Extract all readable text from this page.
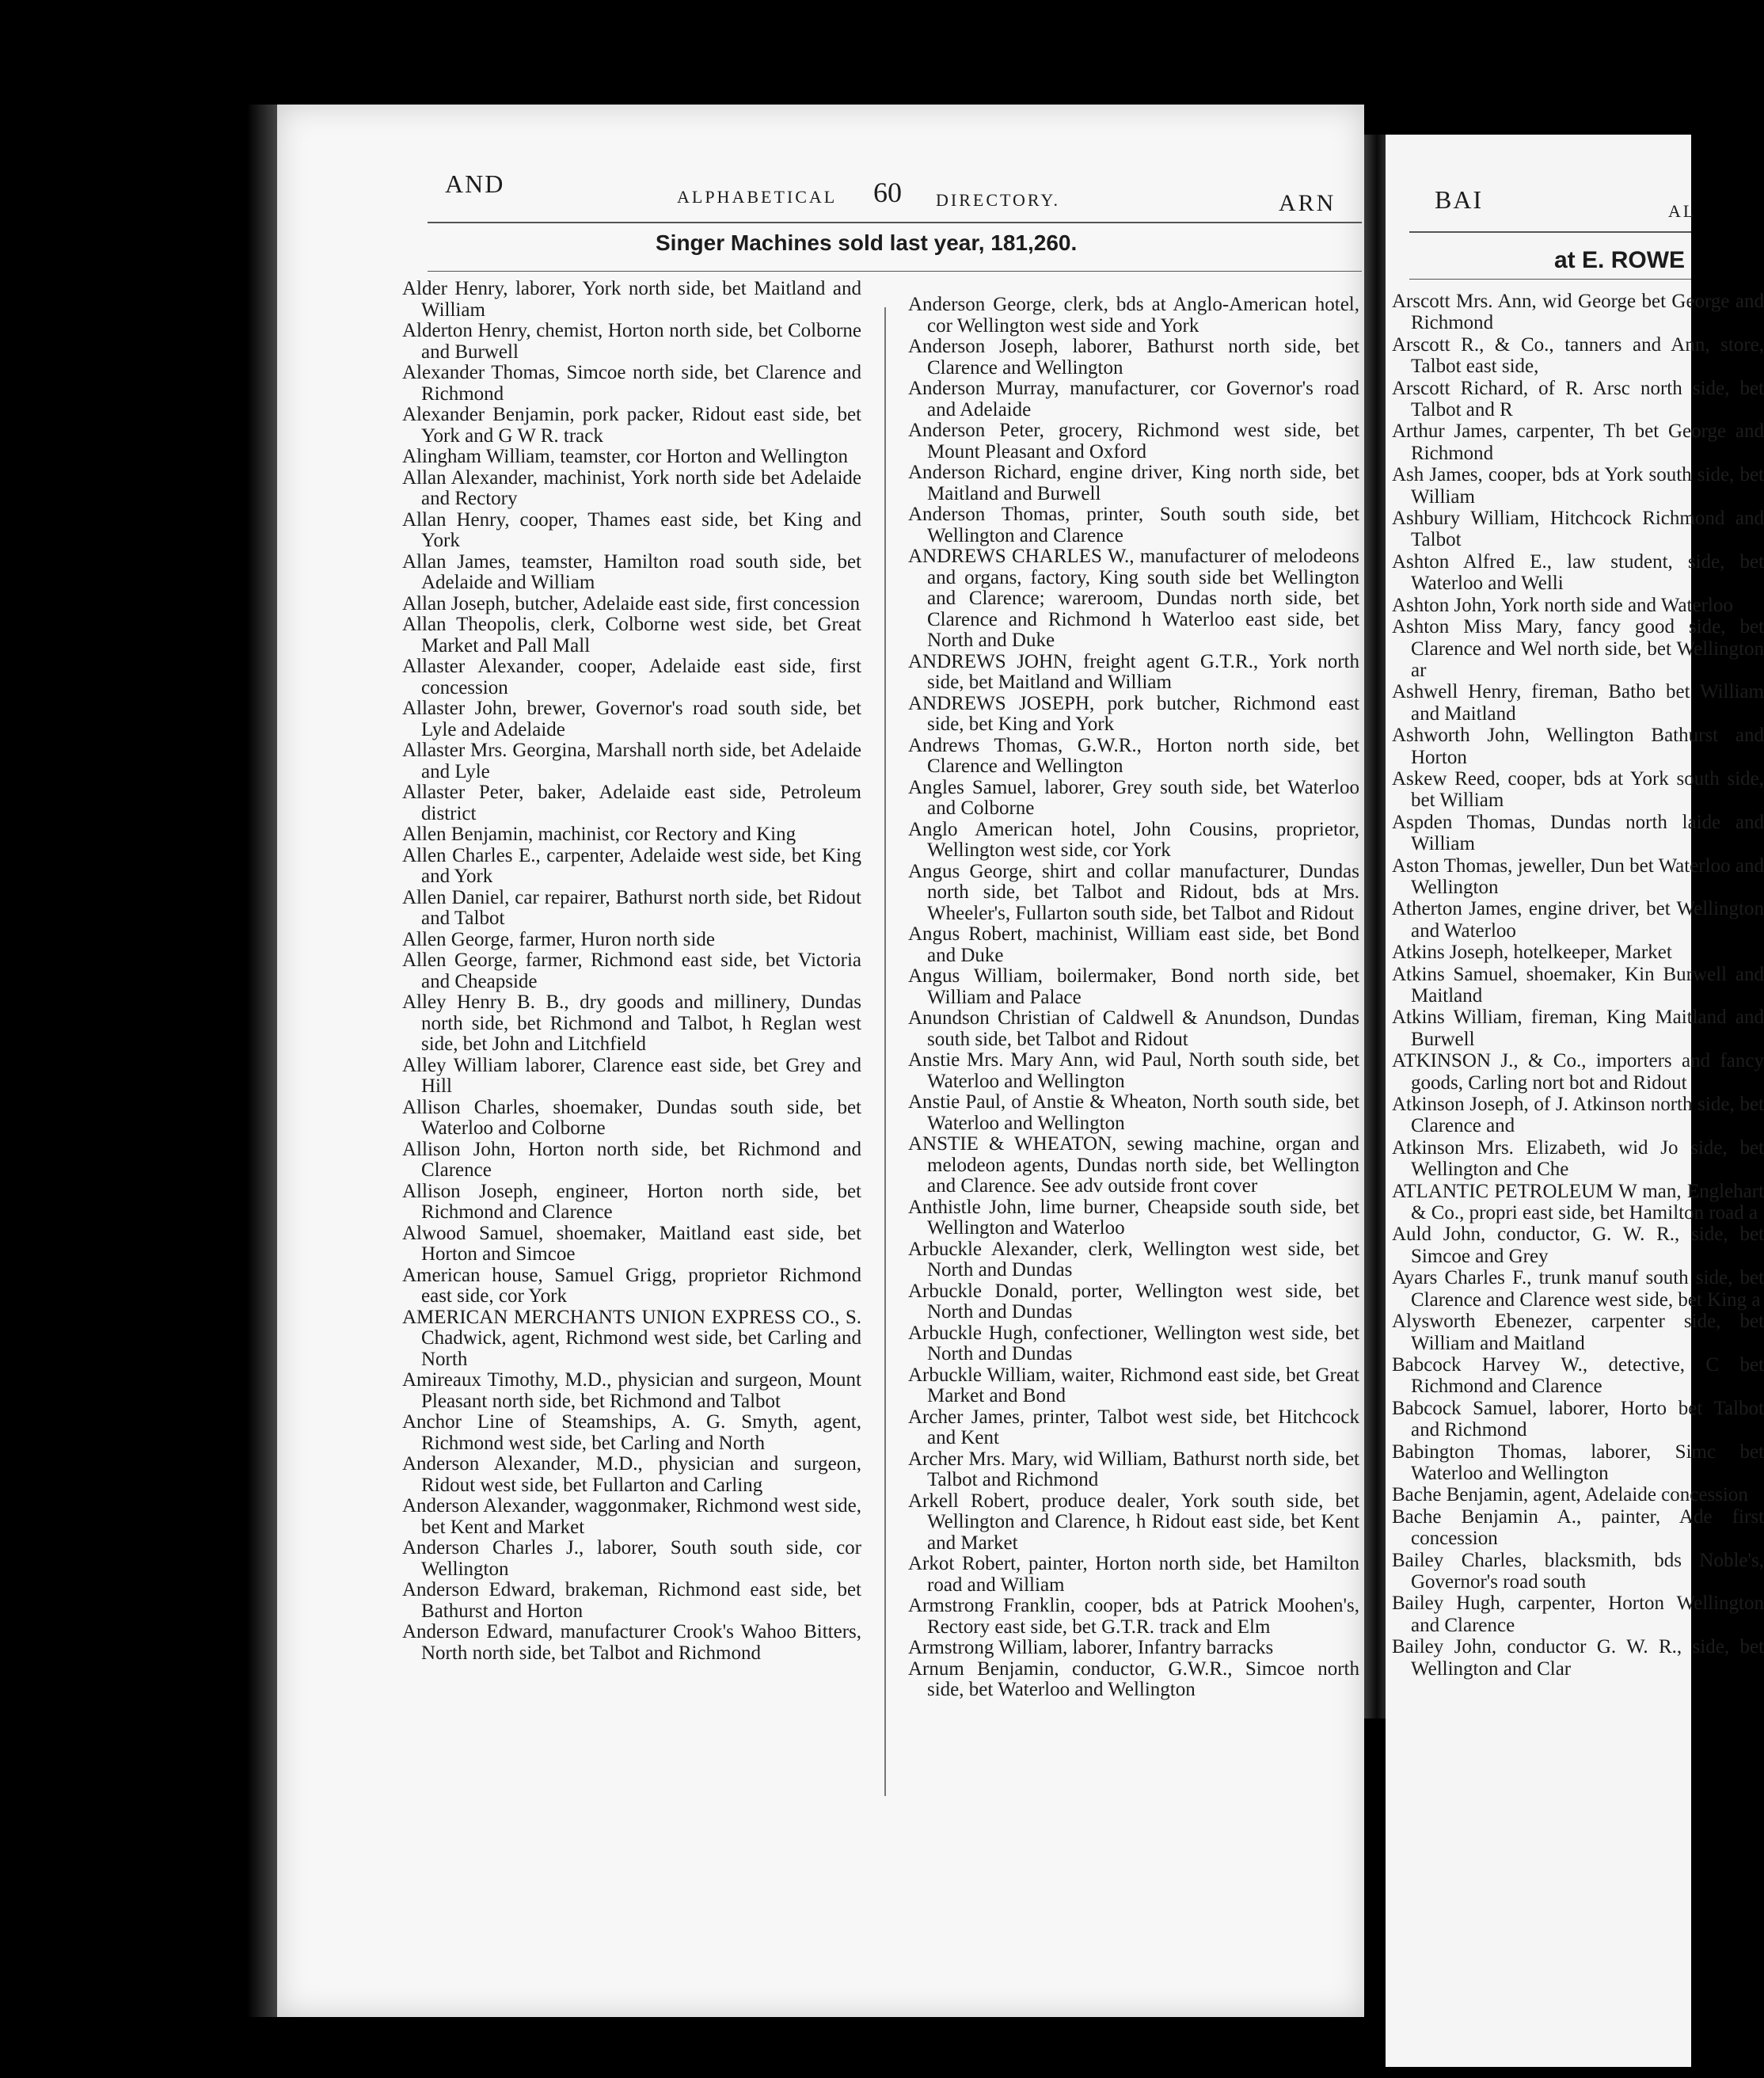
AND	ALPHABETICAL 60 DIRECTORY.	ARN
Singer Machines sold last year, 181,260.

Alder Henry, laborer, York north side, bet Maitland and William

Alderton Henry, chemist, Horton north side, bet Colborne and Burwell

Alexander Thomas, Simcoe north side, bet Clarence and Richmond

Alexander Benjamin, pork packer, Ridout east side, bet York and G W R. track

Alingham William, teamster, cor Horton and Wellington

Allan Alexander, machinist, York north side bet Adelaide and Rectory

Allan Henry, cooper, Thames east side, bet King and York

Allan James, teamster, Hamilton road south side, bet Adelaide and William

Allan Joseph, butcher, Adelaide east side, first concession

Allan Theopolis, clerk, Colborne west side, bet Great Market and Pall Mall

Allaster Alexander, cooper, Adelaide east side, first concession

Allaster John, brewer, Governor's road south side, bet Lyle and Adelaide

Allaster Mrs. Georgina, Marshall north side, bet Adelaide and Lyle

Allaster Peter, baker, Adelaide east side, Petroleum district

Allen Benjamin, machinist, cor Rectory and King

Allen Charles E., carpenter, Adelaide west side, bet King and York

Allen Daniel, car repairer, Bathurst north side, bet Ridout and Talbot

Allen George, farmer, Huron north side

Allen George, farmer, Richmond east side, bet Victoria and Cheapside

Alley Henry B. B., dry goods and millinery, Dundas north side, bet Richmond and Talbot, h Reglan west side, bet John and Litchfield

Alley William laborer, Clarence east side, bet Grey and Hill

Allison Charles, shoemaker, Dundas south side, bet Waterloo and Colborne

Allison John, Horton north side, bet Richmond and Clarence

Allison Joseph, engineer, Horton north side, bet Richmond and Clarence

Alwood Samuel, shoemaker, Maitland east side, bet Horton and Simcoe

American house, Samuel Grigg, proprietor Richmond east side, cor York

AMERICAN MERCHANTS UNION EXPRESS CO., S. Chadwick, agent, Richmond west side, bet Carling and North

Amireaux Timothy, M.D., physician and surgeon, Mount Pleasant north side, bet Richmond and Talbot

Anchor Line of Steamships, A. G. Smyth, agent, Richmond west side, bet Carling and North

Anderson Alexander, M.D., physician and surgeon, Ridout west side, bet Fullarton and Carling

Anderson Alexander, waggonmaker, Richmond west side, bet Kent and Market

Anderson Charles J., laborer, South south side, cor Wellington

Anderson Edward, brakeman, Richmond east side, bet Bathurst and Horton

Anderson Edward, manufacturer Crook's Wahoo Bitters, North north side, bet Talbot and Richmond

Anderson George, clerk, bds at Anglo-American hotel, cor Wellington west side and York

Anderson Joseph, laborer, Bathurst north side, bet Clarence and Wellington

Anderson Murray, manufacturer, cor Governor's road and Adelaide

Anderson Peter, grocery, Richmond west side, bet Mount Pleasant and Oxford

Anderson Richard, engine driver, King north side, bet Maitland and Burwell

Anderson Thomas, printer, South south side, bet Wellington and Clarence

ANDREWS CHARLES W., manufacturer of melodeons and organs, factory, King south side bet Wellington and Clarence; wareroom, Dundas north side, bet Clarence and Richmond h Waterloo east side, bet North and Duke

ANDREWS JOHN, freight agent G.T.R., York north side, bet Maitland and William

ANDREWS JOSEPH, pork butcher, Richmond east side, bet King and York

Andrews Thomas, G.W.R., Horton north side, bet Clarence and Wellington

Angles Samuel, laborer, Grey south side, bet Waterloo and Colborne

Anglo American hotel, John Cousins, proprietor, Wellington west side, cor York

Angus George, shirt and collar manufacturer, Dundas north side, bet Talbot and Ridout, bds at Mrs. Wheeler's, Fullarton south side, bet Talbot and Ridout

Angus Robert, machinist, William east side, bet Bond and Duke

Angus William, boilermaker, Bond north side, bet William and Palace

Anundson Christian of Caldwell & Anundson, Dundas south side, bet Talbot and Ridout

Anstie Mrs. Mary Ann, wid Paul, North south side, bet Waterloo and Wellington

Anstie Paul, of Anstie & Wheaton, North south side, bet Waterloo and Wellington

ANSTIE & WHEATON, sewing machine, organ and melodeon agents, Dundas north side, bet Wellington and Clarence. See adv outside front cover

Anthistle John, lime burner, Cheapside south side, bet Wellington and Waterloo

Arbuckle Alexander, clerk, Wellington west side, bet North and Dundas

Arbuckle Donald, porter, Wellington west side, bet North and Dundas

Arbuckle Hugh, confectioner, Wellington west side, bet North and Dundas

Arbuckle William, waiter, Richmond east side, bet Great Market and Bond

Archer James, printer, Talbot west side, bet Hitchcock and Kent

Archer Mrs. Mary, wid William, Bathurst north side, bet Talbot and Richmond

Arkell Robert, produce dealer, York south side, bet Wellington and Clarence, h Ridout east side, bet Kent and Market

Arkot Robert, painter, Horton north side, bet Hamilton road and William

Armstrong Franklin, cooper, bds at Patrick Moohen's, Rectory east side, bet G.T.R. track and Elm

Armstrong William, laborer, Infantry barracks

Arnum Benjamin, conductor, G.W.R., Simcoe north side, bet Waterloo and Wellington

BAI	AL
at E. ROWE

Arscott Mrs. Ann, wid George bet George and Richmond

Arscott R., & Co., tanners and Ann, store, Talbot east side,

Arscott Richard, of R. Arsc north side, bet Talbot and R

Arthur James, carpenter, Th bet George and Richmond

Ash James, cooper, bds at York south side, bet William

Ashbury William, Hitchcock Richmond and Talbot

Ashton Alfred E., law student, side, bet Waterloo and Welli

Ashton John, York north side and Waterloo

Ashton Miss Mary, fancy good side, bet Clarence and Wel north side, bet Wellington ar

Ashwell Henry, fireman, Batho bet William and Maitland

Ashworth John, Wellington Bathurst and Horton

Askew Reed, cooper, bds at York south side, bet William

Aspden Thomas, Dundas north laide and William

Aston Thomas, jeweller, Dun bet Waterloo and Wellington

Atherton James, engine driver, bet Wellington and Waterloo

Atkins Joseph, hotelkeeper, Market

Atkins Samuel, shoemaker, Kin Burwell and Maitland

Atkins William, fireman, King Maitland and Burwell

ATKINSON J., & Co., importers and fancy goods, Carling nort bot and Ridout

Atkinson Joseph, of J. Atkinson north side, bet Clarence and

Atkinson Mrs. Elizabeth, wid Jo side, bet Wellington and Che

ATLANTIC PETROLEUM W man, Englehart & Co., propri east side, bet Hamilton road a

Auld John, conductor, G. W. R., side, bet Simcoe and Grey

Ayars Charles F., trunk manuf south side, bet Clarence and Clarence west side, bet King a

Alysworth Ebenezer, carpenter side, bet William and Maitland

Babcock Harvey W., detective, C bet Richmond and Clarence

Babcock Samuel, laborer, Horto bet Talbot and Richmond

Babington Thomas, laborer, Simc bet Waterloo and Wellington

Bache Benjamin, agent, Adelaide concession

Bache Benjamin A., painter, Ade first concession

Bailey Charles, blacksmith, bds Noble's, Governor's road south

Bailey Hugh, carpenter, Horton Wellington and Clarence

Bailey John, conductor G. W. R., side, bet Wellington and Clar
